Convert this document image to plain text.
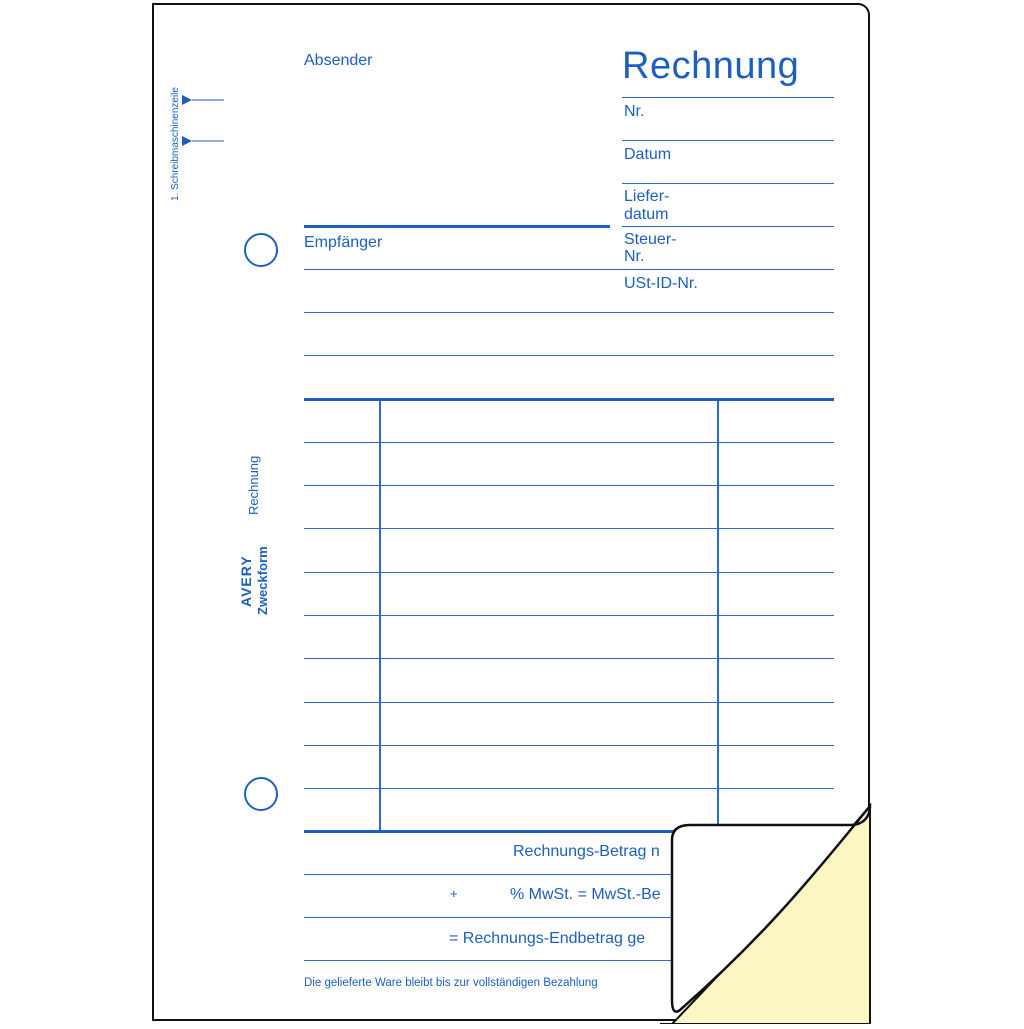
1. Schreibmaschinenzeile
Absender	Rechnung
Nr.
Datum
Liefer-
datum
Steuer-
Nr.
Empfänger
USt-ID-Nr.
Rechnung
AVERY Zweckform
Rechnungs-Betrag n
+	% MwSt. = MwSt.-Be
= Rechnungs-Endbetrag ge
Die gelieferte Ware bleibt bis zur vollständigen Bezahlung
